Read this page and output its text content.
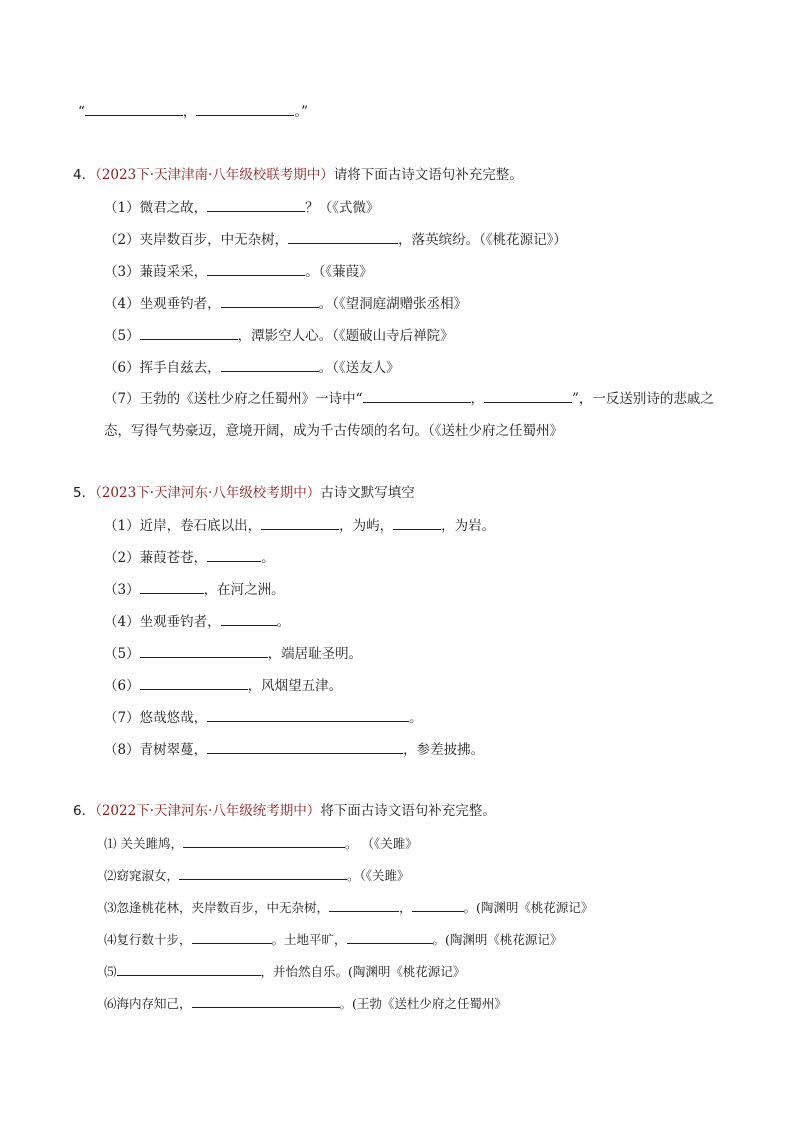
“	，	。”
4．（2023下·天津津南·八年级校联考期中）请将下面古诗文语句补充完整。
（1）微君之故，	？（《式微》
（2）夹岸数百步，中无杂树，	，落英缤纷。（《桃花源记》）
（3）蒹葭采采，	。（《蒹葭》
（4）坐观垂钓者，	。（《望洞庭湖赠张丞相》
（5）	，潭影空人心。（《题破山寺后禅院》
（6）挥手自兹去，	。（《送友人》
（7）王勃的《送杜少府之任蜀州》一诗中“	，	”，一反送别诗的悲戚之态，写得气势豪迈，意境开阔，成为千古传颂的名句。（《送杜少府之任蜀州》
5．（2023下·天津河东·八年级校考期中）古诗文默写填空
（1）近岸，卷石底以出，	，为屿，	，为岩。
（2）蒹葭苍苍，	。
（3）	，在河之洲。
（4）坐观垂钓者，	。
（5）	，端居耻圣明。
（6）	，风烟望五津。
（7）悠哉悠哉，	。
（8）青树翠蔓，	，参差披拂。
6．（2022下·天津河东·八年级统考期中）将下面古诗文语句补充完整。
⑴ 关关雎鸠，	。 （《关雎》
⑵窈窕淑女，	。（《关雎》
⑶忽逢桃花林，夹岸数百步，中无杂树，	，	。(陶渊明《桃花源记》
⑷复行数十步，	。土地平旷，	。(陶渊明《桃花源记》
⑸	，并怡然自乐。(陶渊明《桃花源记》
⑹海内存知己，	。(王勃《送杜少府之任蜀州》
